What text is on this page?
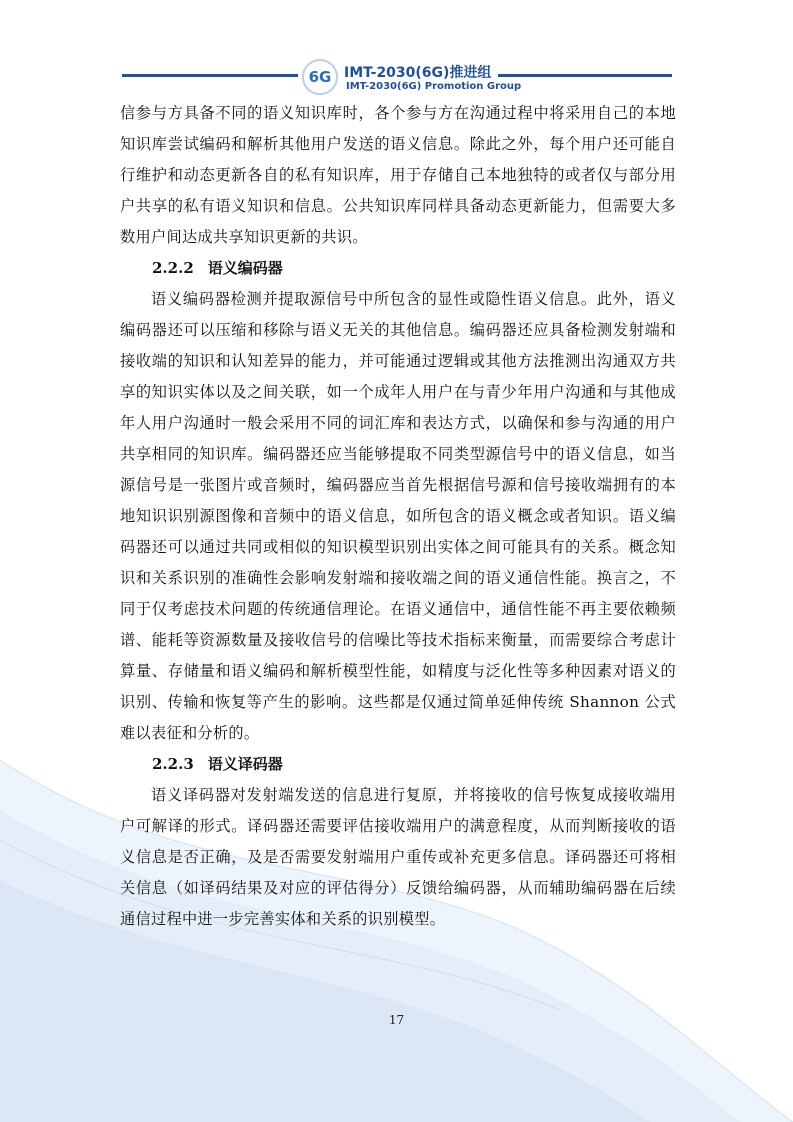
6G IMT-2030(6G)推进组
IMT-2030(6G) Promotion Group

信参与方具备不同的语义知识库时，各个参与方在沟通过程中将采用自己的本地知识库尝试编码和解析其他用户发送的语义信息。除此之外，每个用户还可能自行维护和动态更新各自的私有知识库，用于存储自己本地独特的或者仅与部分用户共享的私有语义知识和信息。公共知识库同样具备动态更新能力，但需要大多数用户间达成共享知识更新的共识。

2.2.2 语义编码器

语义编码器检测并提取源信号中所包含的显性或隐性语义信息。此外，语义编码器还可以压缩和移除与语义无关的其他信息。编码器还应具备检测发射端和接收端的知识和认知差异的能力，并可能通过逻辑或其他方法推测出沟通双方共享的知识实体以及之间关联，如一个成年人用户在与青少年用户沟通和与其他成年人用户沟通时一般会采用不同的词汇库和表达方式，以确保和参与沟通的用户共享相同的知识库。编码器还应当能够提取不同类型源信号中的语义信息，如当源信号是一张图片或音频时，编码器应当首先根据信号源和信号接收端拥有的本地知识识别源图像和音频中的语义信息，如所包含的语义概念或者知识。语义编码器还可以通过共同或相似的知识模型识别出实体之间可能具有的关系。概念知识和关系识别的准确性会影响发射端和接收端之间的语义通信性能。换言之，不同于仅考虑技术问题的传统通信理论。在语义通信中，通信性能不再主要依赖频谱、能耗等资源数量及接收信号的信噪比等技术指标来衡量，而需要综合考虑计算量、存储量和语义编码和解析模型性能，如精度与泛化性等多种因素对语义的识别、传输和恢复等产生的影响。这些都是仅通过简单延伸传统 Shannon 公式难以表征和分析的。

2.2.3 语义译码器

语义译码器对发射端发送的信息进行复原，并将接收的信号恢复成接收端用户可解译的形式。译码器还需要评估接收端用户的满意程度，从而判断接收的语义信息是否正确，及是否需要发射端用户重传或补充更多信息。译码器还可将相关信息（如译码结果及对应的评估得分）反馈给编码器，从而辅助编码器在后续通信过程中进一步完善实体和关系的识别模型。

17
